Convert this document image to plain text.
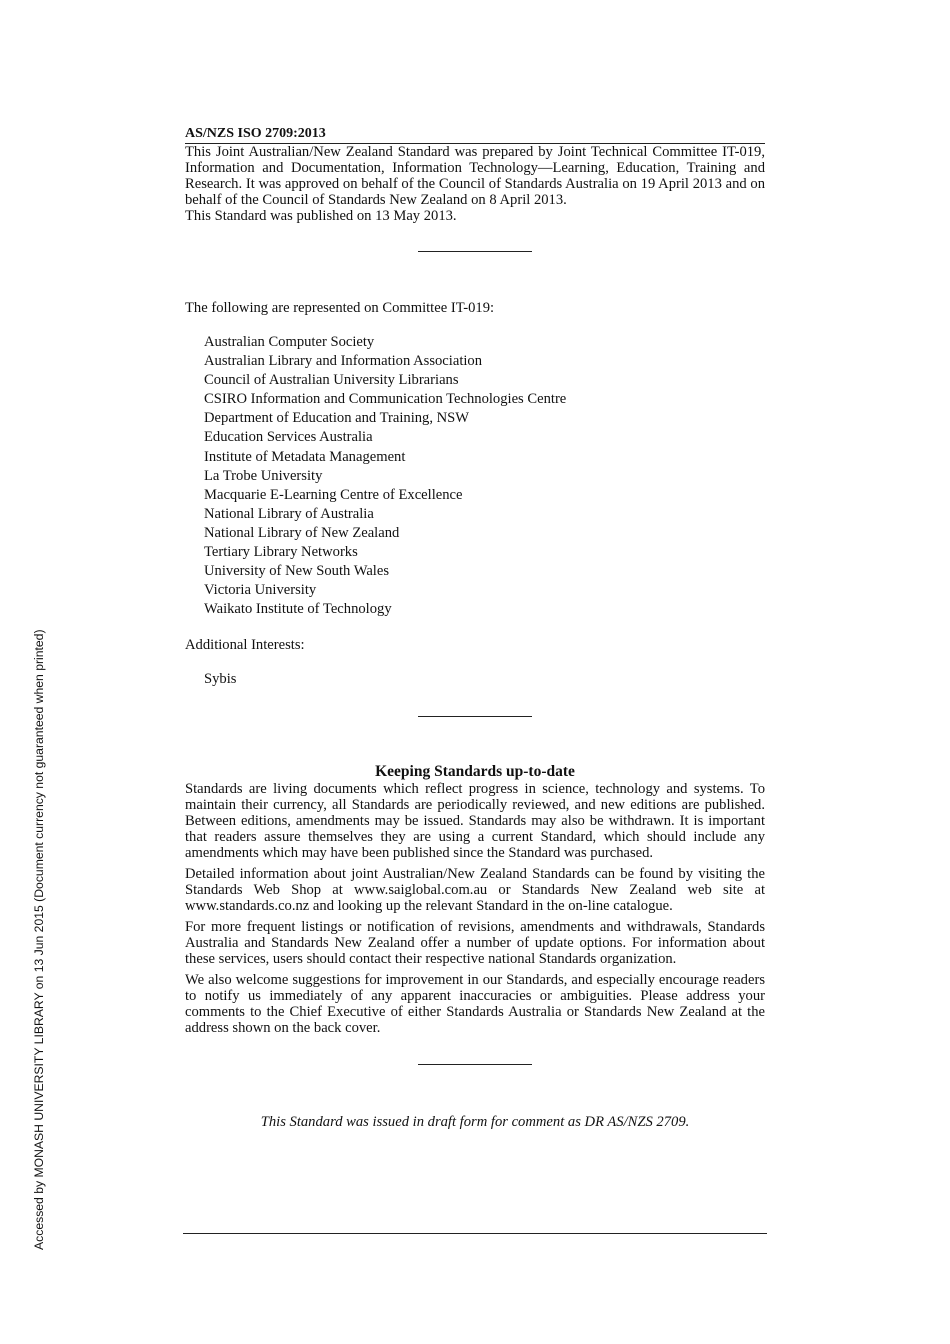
Accessed by MONASH UNIVERSITY LIBRARY on 13 Jun 2015 (Document currency not guaranteed when printed)

AS/NZS ISO 2709:2013

This Joint Australian/New Zealand Standard was prepared by Joint Technical Committee IT-019, Information and Documentation, Information Technology—Learning, Education, Training and Research. It was approved on behalf of the Council of Standards Australia on 19 April 2013 and on behalf of the Council of Standards New Zealand on 8 April 2013.

This Standard was published on 13 May 2013.

The following are represented on Committee IT-019:
Australian Computer Society
Australian Library and Information Association
Council of Australian University Librarians
CSIRO Information and Communication Technologies Centre
Department of Education and Training, NSW
Education Services Australia
Institute of Metadata Management
La Trobe University
Macquarie E-Learning Centre of Excellence
National Library of Australia
National Library of New Zealand
Tertiary Library Networks
University of New South Wales
Victoria University
Waikato Institute of Technology
Additional Interests:
Sybis
Keeping Standards up-to-date

Standards are living documents which reflect progress in science, technology and systems. To maintain their currency, all Standards are periodically reviewed, and new editions are published. Between editions, amendments may be issued. Standards may also be withdrawn. It is important that readers assure themselves they are using a current Standard, which should include any amendments which may have been published since the Standard was purchased.

Detailed information about joint Australian/New Zealand Standards can be found by visiting the Standards Web Shop at www.saiglobal.com.au or Standards New Zealand web site at www.standards.co.nz and looking up the relevant Standard in the on-line catalogue.

For more frequent listings or notification of revisions, amendments and withdrawals, Standards Australia and Standards New Zealand offer a number of update options. For information about these services, users should contact their respective national Standards organization.

We also welcome suggestions for improvement in our Standards, and especially encourage readers to notify us immediately of any apparent inaccuracies or ambiguities. Please address your comments to the Chief Executive of either Standards Australia or Standards New Zealand at the address shown on the back cover.

This Standard was issued in draft form for comment as DR AS/NZS 2709.
